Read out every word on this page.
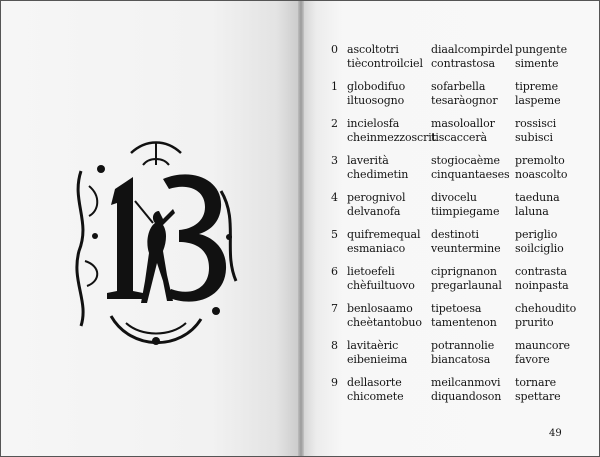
0 ascoltotri
tiècontroilciel
diaalcompirdel
contrastosa
pungente
simente
1 globodifuo
iltuosogno
sofarbella
tesaràognor
tipreme
laspeme
2 incielosfa
cheinmezzoscrit
masoloallor
tiscaccerà
rossisci
subisci
3 laverità
chedimetin
stogiocaème
cinquantaeses
premolto
noascolto
4 perognivol
delvanofa
divocelu
tiimpiegame
taeduna
laluna
5 quifremequal
esmaniaco
destinoti
veuntermine
periglio
soilciglio
6 lietoefeli
chèfuiltuovo
ciprignanon
pregarlaunal
contrasta
noinpasta
7 benlosaamo
cheètantobuo
tipetoesa
tamentenon
chehoudito
prurito
8 lavitaèric
eibenieima
potrannolie
biancatosa
mauncore
favore
9 dellasorte
chicomete
meilcanmovi
diquandoson
tornare
spettare
49
